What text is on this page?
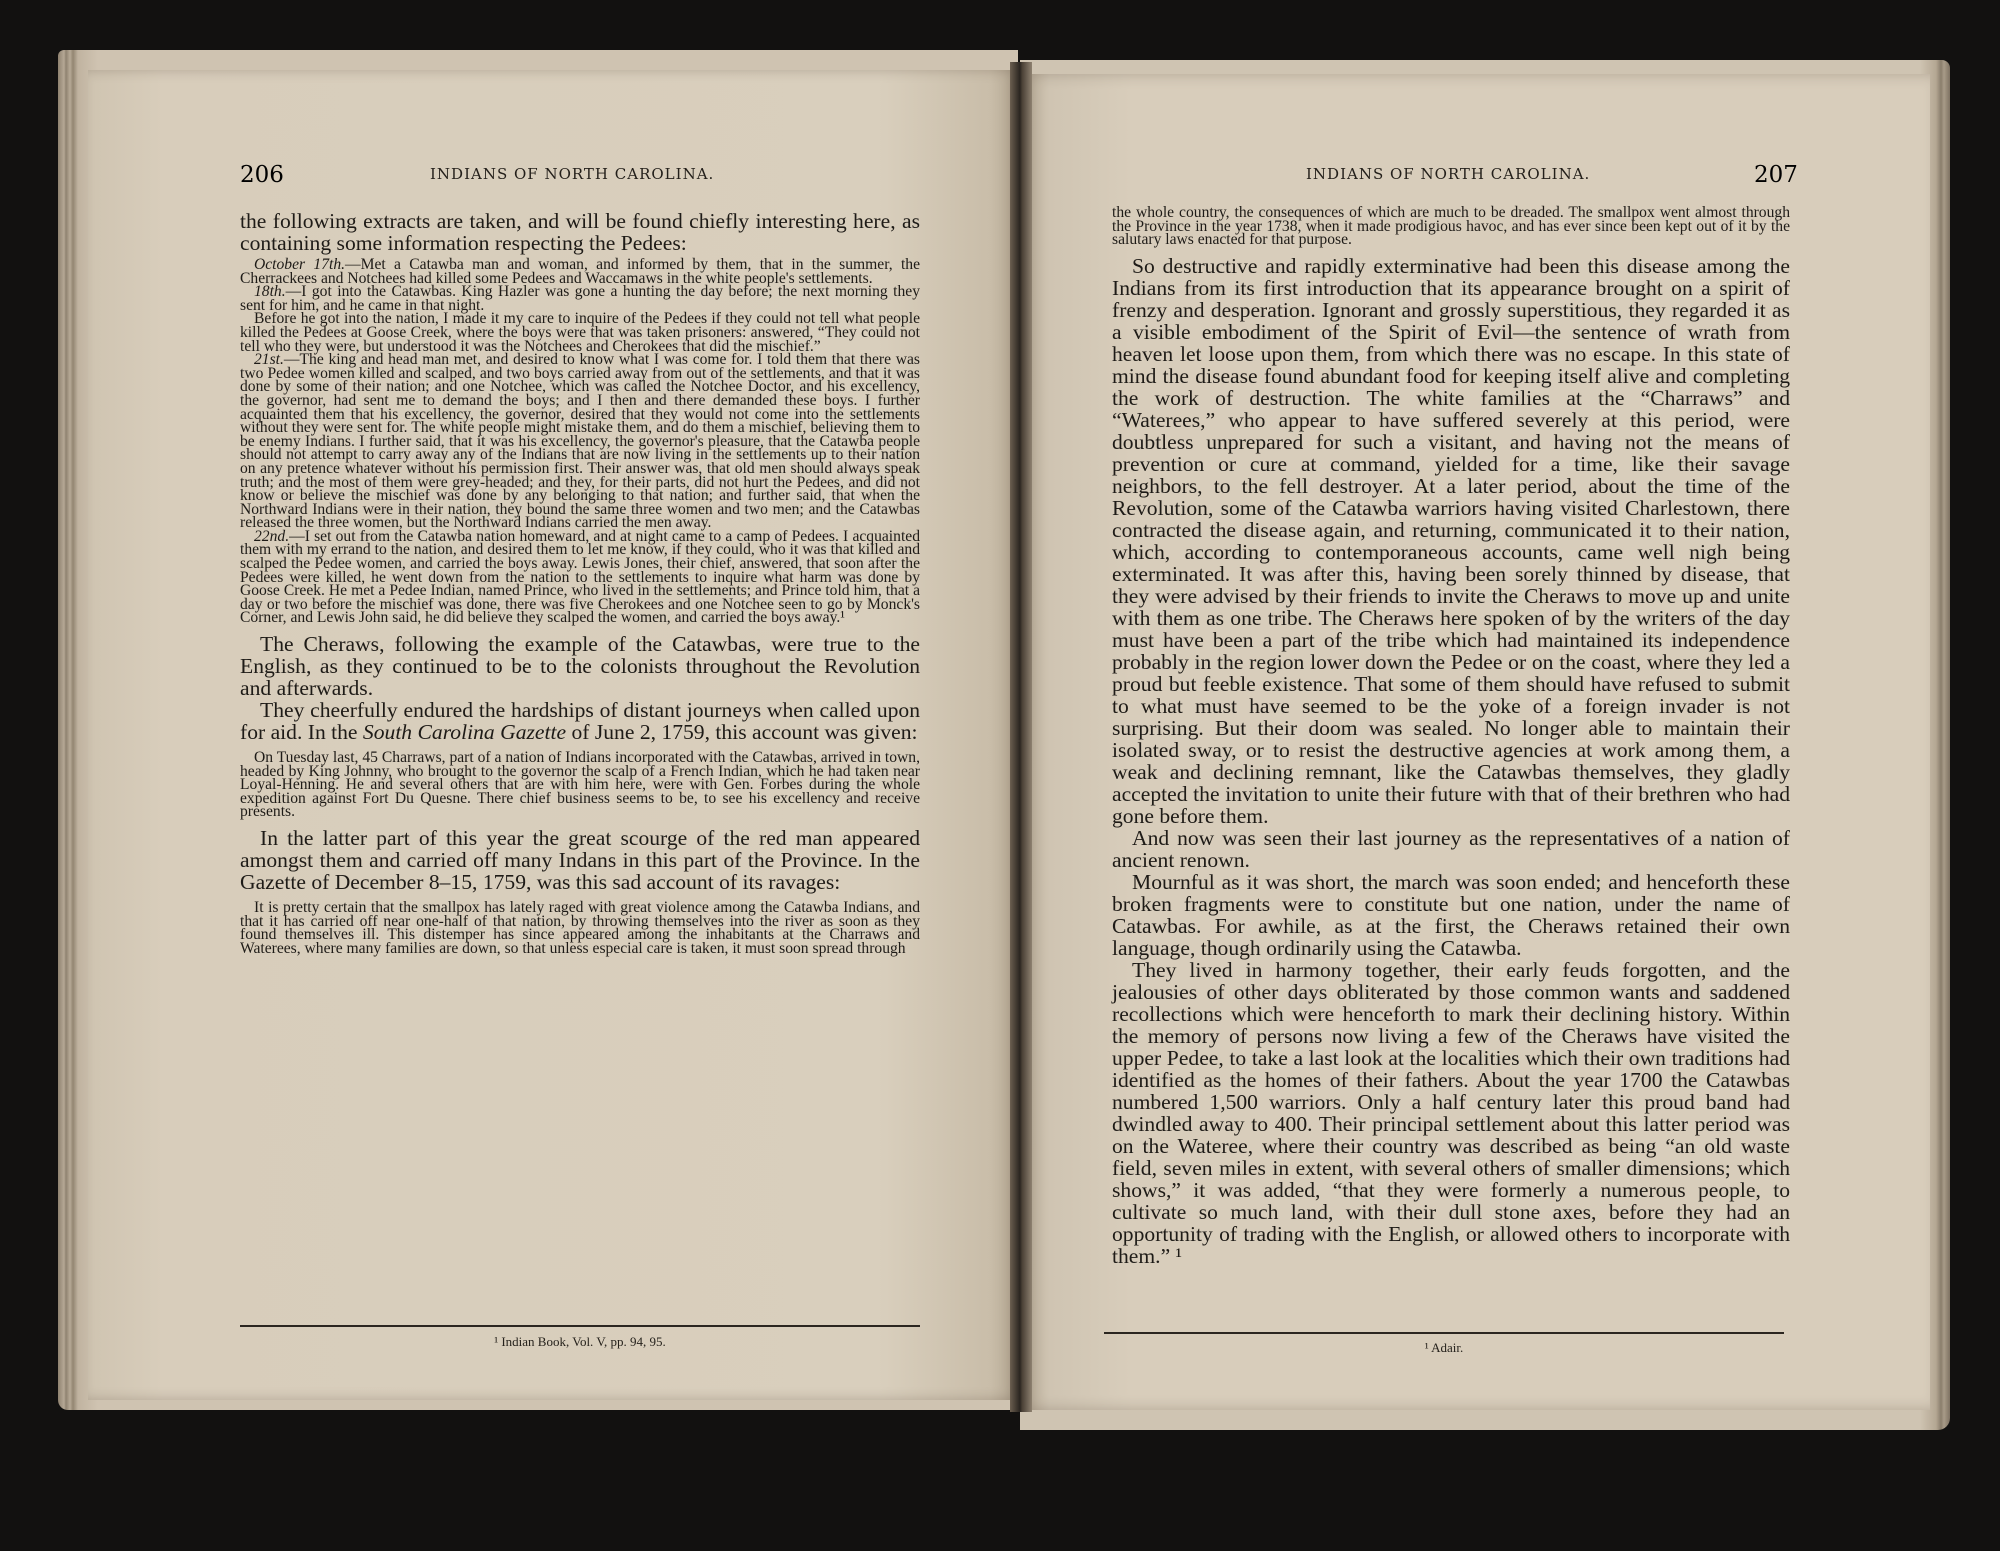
206	INDIANS OF NORTH CAROLINA.	207
INDIANS OF NORTH CAROLINA.

the following extracts are taken, and will be found chiefly interesting here, as containing some information respecting the Pedees:

October 17th.—Met a Catawba man and woman, and informed by them, that in the summer, the Cherrackees and Notchees had killed some Pedees and Waccamaws in the white people's settlements.

18th.—I got into the Catawbas. King Hazler was gone a hunting the day before; the next morning they sent for him, and he came in that night.

Before he got into the nation, I made it my care to inquire of the Pedees if they could not tell what people killed the Pedees at Goose Creek, where the boys were that was taken prisoners: answered, “They could not tell who they were, but understood it was the Notchees and Cherokees that did the mischief.”

21st.—The king and head man met, and desired to know what I was come for. I told them that there was two Pedee women killed and scalped, and two boys carried away from out of the settlements, and that it was done by some of their nation; and one Notchee, which was called the Notchee Doctor, and his excellency, the governor, had sent me to demand the boys; and I then and there demanded these boys. I further acquainted them that his excellency, the governor, desired that they would not come into the settlements without they were sent for. The white people might mistake them, and do them a mischief, believing them to be enemy Indians. I further said, that it was his excellency, the governor's pleasure, that the Catawba people should not attempt to carry away any of the Indians that are now living in the settlements up to their nation on any pretence whatever without his permission first. Their answer was, that old men should always speak truth; and the most of them were grey-headed; and they, for their parts, did not hurt the Pedees, and did not know or believe the mischief was done by any belonging to that nation; and further said, that when the Northward Indians were in their nation, they bound the same three women and two men; and the Catawbas released the three women, but the Northward Indians carried the men away.

22nd.—I set out from the Catawba nation homeward, and at night came to a camp of Pedees. I acquainted them with my errand to the nation, and desired them to let me know, if they could, who it was that killed and scalped the Pedee women, and carried the boys away. Lewis Jones, their chief, answered, that soon after the Pedees were killed, he went down from the nation to the settlements to inquire what harm was done by Goose Creek. He met a Pedee Indian, named Prince, who lived in the settlements; and Prince told him, that a day or two before the mischief was done, there was five Cherokees and one Notchee seen to go by Monck's Corner, and Lewis John said, he did believe they scalped the women, and carried the boys away.¹

The Cheraws, following the example of the Catawbas, were true to the English, as they continued to be to the colonists throughout the Revolution and afterwards.

They cheerfully endured the hardships of distant journeys when called upon for aid. In the South Carolina Gazette of June 2, 1759, this account was given:

On Tuesday last, 45 Charraws, part of a nation of Indians incorporated with the Catawbas, arrived in town, headed by King Johnny, who brought to the governor the scalp of a French Indian, which he had taken near Loyal-Henning. He and several others that are with him here, were with Gen. Forbes during the whole expedition against Fort Du Quesne. There chief business seems to be, to see his excellency and receive presents.

In the latter part of this year the great scourge of the red man appeared amongst them and carried off many Indans in this part of the Province. In the Gazette of December 8–15, 1759, was this sad account of its ravages:

It is pretty certain that the smallpox has lately raged with great violence among the Catawba Indians, and that it has carried off near one-half of that nation, by throwing themselves into the river as soon as they found themselves ill. This distemper has since appeared among the inhabitants at the Charraws and Waterees, where many families are down, so that unless especial care is taken, it must soon spread through

¹ Indian Book, Vol. V, pp. 94, 95.

the whole country, the consequences of which are much to be dreaded. The smallpox went almost through the Province in the year 1738, when it made prodigious havoc, and has ever since been kept out of it by the salutary laws enacted for that purpose.

So destructive and rapidly exterminative had been this disease among the Indians from its first introduction that its appearance brought on a spirit of frenzy and desperation. Ignorant and grossly superstitious, they regarded it as a visible embodiment of the Spirit of Evil—the sentence of wrath from heaven let loose upon them, from which there was no escape. In this state of mind the disease found abundant food for keeping itself alive and completing the work of destruction. The white families at the “Charraws” and “Waterees,” who appear to have suffered severely at this period, were doubtless unprepared for such a visitant, and having not the means of prevention or cure at command, yielded for a time, like their savage neighbors, to the fell destroyer. At a later period, about the time of the Revolution, some of the Catawba warriors having visited Charlestown, there contracted the disease again, and returning, communicated it to their nation, which, according to contemporaneous accounts, came well nigh being exterminated. It was after this, having been sorely thinned by disease, that they were advised by their friends to invite the Cheraws to move up and unite with them as one tribe. The Cheraws here spoken of by the writers of the day must have been a part of the tribe which had maintained its independence probably in the region lower down the Pedee or on the coast, where they led a proud but feeble existence. That some of them should have refused to submit to what must have seemed to be the yoke of a foreign invader is not surprising. But their doom was sealed. No longer able to maintain their isolated sway, or to resist the destructive agencies at work among them, a weak and declining remnant, like the Catawbas themselves, they gladly accepted the invitation to unite their future with that of their brethren who had gone before them.

And now was seen their last journey as the representatives of a nation of ancient renown.

Mournful as it was short, the march was soon ended; and henceforth these broken fragments were to constitute but one nation, under the name of Catawbas. For awhile, as at the first, the Cheraws retained their own language, though ordinarily using the Catawba.

They lived in harmony together, their early feuds forgotten, and the jealousies of other days obliterated by those common wants and saddened recollections which were henceforth to mark their declining history. Within the memory of persons now living a few of the Cheraws have visited the upper Pedee, to take a last look at the localities which their own traditions had identified as the homes of their fathers. About the year 1700 the Catawbas numbered 1,500 warriors. Only a half century later this proud band had dwindled away to 400. Their principal settlement about this latter period was on the Wateree, where their country was described as being “an old waste field, seven miles in extent, with several others of smaller dimensions; which shows,” it was added, “that they were formerly a numerous people, to cultivate so much land, with their dull stone axes, before they had an opportunity of trading with the English, or allowed others to incorporate with them.” ¹

¹ Adair.
